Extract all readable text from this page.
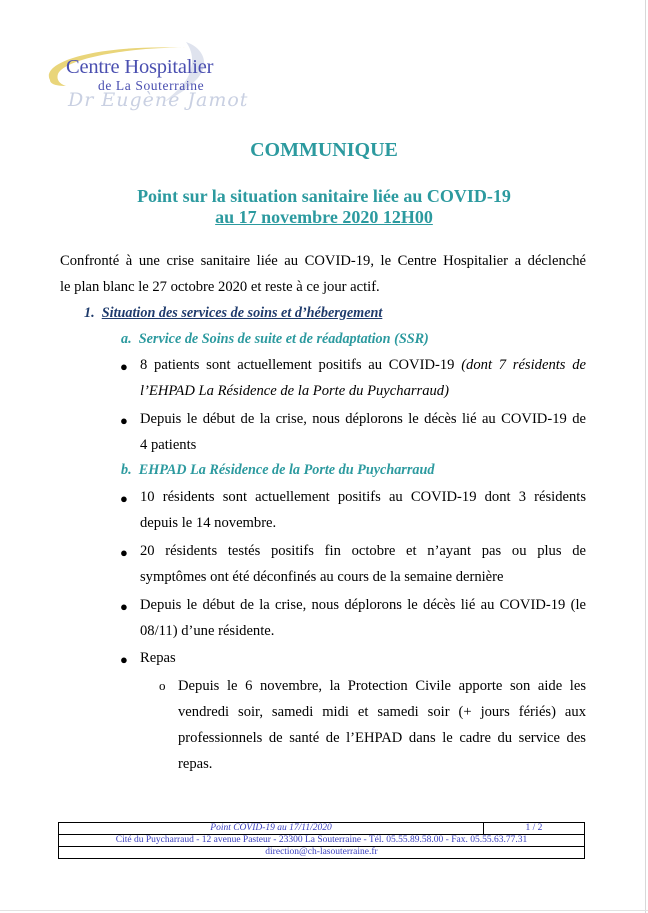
Centre Hospitalier
de La Souterraine
Dr Eugène Jamot
COMMUNIQUE
Point sur la situation sanitaire liée au COVID-19
au 17 novembre 2020 12H00
Confronté à une crise sanitaire liée au COVID-19, le Centre Hospitalier a déclenché
le plan blanc le 27 octobre 2020 et reste à ce jour actif.
1. Situation des services de soins et d’hébergement
a. Service de Soins de suite et de réadaptation (SSR)
● 8 patients sont actuellement positifs au COVID-19 (dont 7 résidents de
l’EHPAD La Résidence de la Porte du Puycharraud)
● Depuis le début de la crise, nous déplorons le décès lié au COVID-19 de
4 patients
b. EHPAD La Résidence de la Porte du Puycharraud
● 10 résidents sont actuellement positifs au COVID-19 dont 3 résidents
depuis le 14 novembre.
● 20 résidents testés positifs fin octobre et n’ayant pas ou plus de
symptômes ont été déconfinés au cours de la semaine dernière
● Depuis le début de la crise, nous déplorons le décès lié au COVID-19 (le
08/11) d’une résidente.
● Repas
o Depuis le 6 novembre, la Protection Civile apporte son aide les
vendredi soir, samedi midi et samedi soir (+ jours fériés) aux
professionnels de santé de l’EHPAD dans le cadre du service des
repas.
Point COVID-19 au 17/11/2020	1 / 2
Cité du Puycharraud - 12 avenue Pasteur - 23300 La Souterraine - Tél. 05.55.89.58.00 - Fax. 05.55.63.77.31
direction@ch-lasouterraine.fr
